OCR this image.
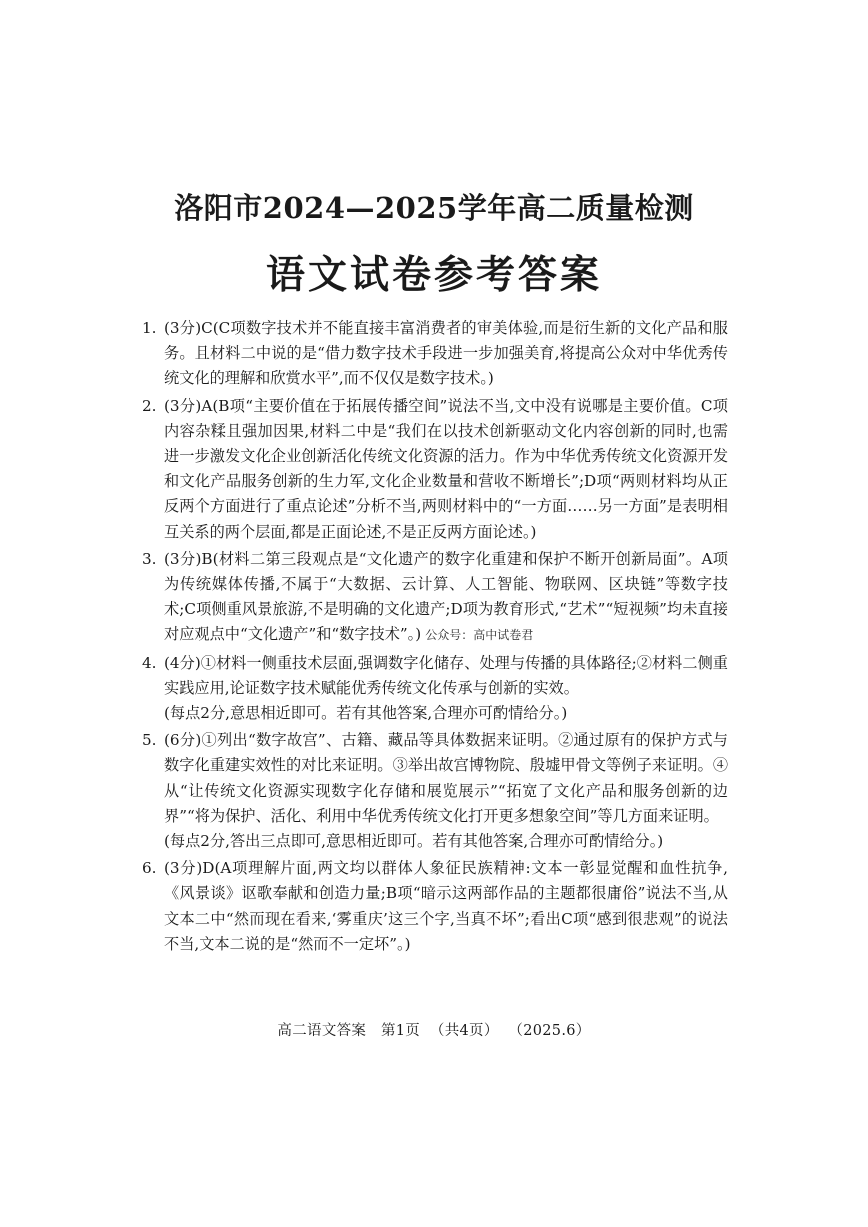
洛阳市2024—2025学年高二质量检测
语文试卷参考答案
1. (3分)C(C项数字技术并不能直接丰富消费者的审美体验,而是衍生新的文化产品和服务。且材料二中说的是“借力数字技术手段进一步加强美育,将提高公众对中华优秀传统文化的理解和欣赏水平”,而不仅仅是数字技术。)
2. (3分)A(B项“主要价值在于拓展传播空间”说法不当,文中没有说哪是主要价值。C项内容杂糅且强加因果,材料二中是“我们在以技术创新驱动文化内容创新的同时,也需进一步激发文化企业创新活化传统文化资源的活力。作为中华优秀传统文化资源开发和文化产品服务创新的生力军,文化企业数量和营收不断增长”;D项“两则材料均从正反两个方面进行了重点论述”分析不当,两则材料中的“一方面……另一方面”是表明相互关系的两个层面,都是正面论述,不是正反两方面论述。)
3. (3分)B(材料二第三段观点是“文化遗产的数字化重建和保护不断开创新局面”。A项为传统媒体传播,不属于“大数据、云计算、人工智能、物联网、区块链”等数字技术;C项侧重风景旅游,不是明确的文化遗产;D项为教育形式,“艺术”“短视频”均未直接对应观点中“文化遗产”和“数字技术”。) 公众号：高中试卷君
4. (4分)①材料一侧重技术层面,强调数字化储存、处理与传播的具体路径;②材料二侧重实践应用,论证数字技术赋能优秀传统文化传承与创新的实效。
(每点2分,意思相近即可。若有其他答案,合理亦可酌情给分。)
5. (6分)①列出“数字故宫”、古籍、藏品等具体数据来证明。②通过原有的保护方式与数字化重建实效性的对比来证明。③举出故宫博物院、殷墟甲骨文等例子来证明。④从“让传统文化资源实现数字化存储和展览展示”“拓宽了文化产品和服务创新的边界”“将为保护、活化、利用中华优秀传统文化打开更多想象空间”等几方面来证明。
(每点2分,答出三点即可,意思相近即可。若有其他答案,合理亦可酌情给分。)
6. (3分)D(A项理解片面,两文均以群体人象征民族精神:文本一彰显觉醒和血性抗争,《风景谈》讴歌奉献和创造力量;B项“暗示这两部作品的主题都很庸俗”说法不当,从文本二中“然而现在看来,‘雾重庆’这三个字,当真不坏”;看出C项“感到很悲观”的说法不当,文本二说的是“然而不一定坏”。)
高二语文答案   第1页  （共4页）  （2025.6）
